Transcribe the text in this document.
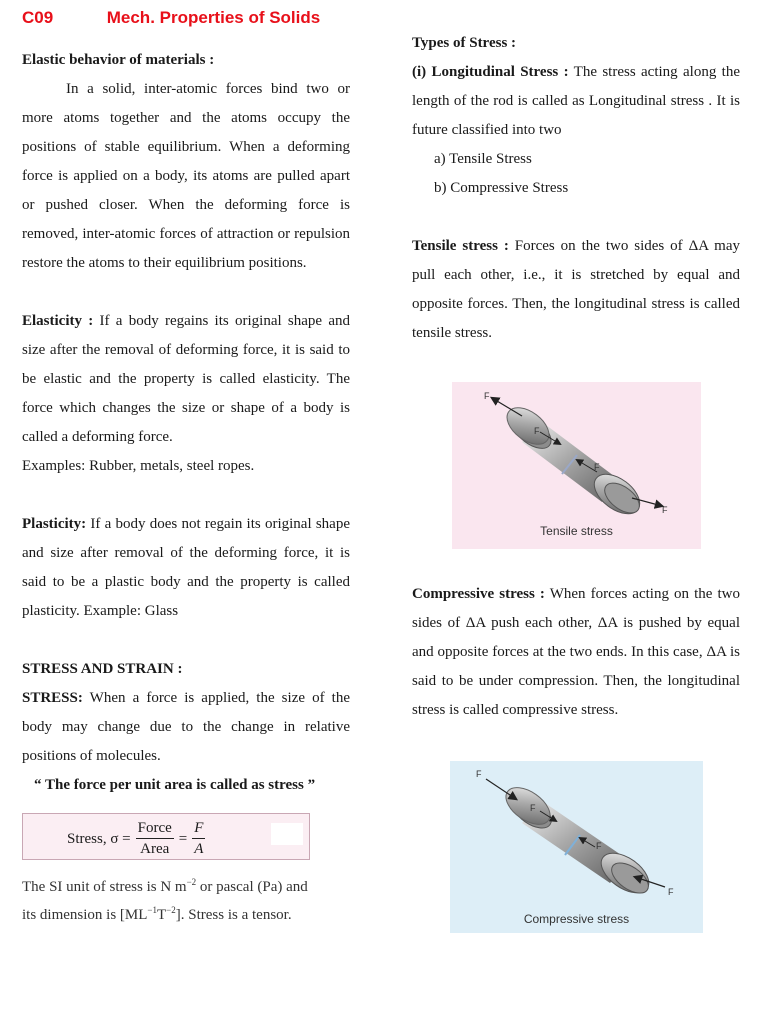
C09	Mech. Properties of Solids

Elastic behavior of materials :

In a solid, inter-atomic forces bind two or more atoms together and the atoms occupy the positions of stable equilibrium. When a deforming force is applied on a body, its atoms are pulled apart or pushed closer. When the deforming force is removed, inter-atomic forces of attraction or repulsion restore the atoms to their equilibrium positions.

Elasticity : If a body regains its original shape and size after the removal of deforming force, it is said to be elastic and the property is called elasticity. The force which changes the size or shape of a body is called a deforming force.

Examples: Rubber, metals, steel ropes.

Plasticity: If a body does not regain its original shape and size after removal of the deforming force, it is said to be a plastic body and the property is called plasticity. Example: Glass

STRESS AND STRAIN :

STRESS: When a force is applied, the size of the body may change due to the change in relative positions of molecules.

“ The force per unit area is called as stress ”

Stress, $\sigma = \frac{\text{Force}}{\text{Area}} = \frac{F}{A}$

The SI unit of stress is N $m^{-2}$ or pascal (Pa) and its dimension is $[ML^{-1}T^{-2}]$. Stress is a tensor.

Types of Stress :

(i) Longitudinal Stress : The stress acting along the length of the rod is called as Longitudinal stress . It is future classified into two

a) Tensile Stress

b) Compressive Stress

Tensile stress : Forces on the two sides of ΔA may pull each other, i.e., it is stretched by equal and opposite forces. Then, the longitudinal stress is called tensile stress.

Compressive stress : When forces acting on the two sides of ΔA push each other, ΔA is pushed by equal and opposite forces at the two ends. In this case, ΔA is said to be under compression. Then, the longitudinal stress is called compressive stress.

F
F
F
F
Tensile stress
F
F
F
F
Compressive stress
